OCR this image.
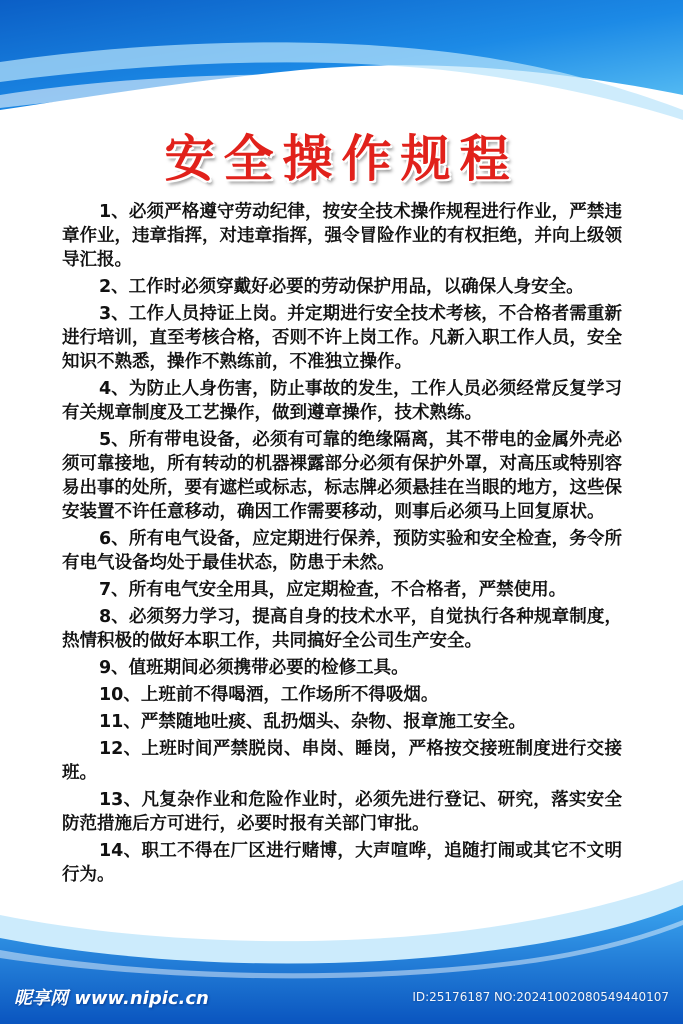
安全操作规程
1、必须严格遵守劳动纪律，按安全技术操作规程进行作业，严禁违章作业，违章指挥，对违章指挥，强令冒险作业的有权拒绝，并向上级领导汇报。
2、工作时必须穿戴好必要的劳动保护用品，以确保人身安全。
3、工作人员持证上岗。并定期进行安全技术考核，不合格者需重新进行培训，直至考核合格，否则不许上岗工作。凡新入职工作人员，安全知识不熟悉，操作不熟练前，不准独立操作。
4、为防止人身伤害，防止事故的发生，工作人员必须经常反复学习有关规章制度及工艺操作，做到遵章操作，技术熟练。
5、所有带电设备，必须有可靠的绝缘隔离，其不带电的金属外壳必须可靠接地，所有转动的机器裸露部分必须有保护外罩，对高压或特别容易出事的处所，要有遮栏或标志，标志牌必须悬挂在当眼的地方，这些保安装置不许任意移动，确因工作需要移动，则事后必须马上回复原状。
6、所有电气设备，应定期进行保养，预防实验和安全检查，务令所有电气设备均处于最佳状态，防患于未然。
7、所有电气安全用具，应定期检查，不合格者，严禁使用。
8、必须努力学习，提高自身的技术水平，自觉执行各种规章制度，热情积极的做好本职工作，共同搞好全公司生产安全。
9、值班期间必须携带必要的检修工具。
10、上班前不得喝酒，工作场所不得吸烟。
11、严禁随地吐痰、乱扔烟头、杂物、报章施工安全。
12、上班时间严禁脱岗、串岗、睡岗，严格按交接班制度进行交接班。
13、凡复杂作业和危险作业时，必须先进行登记、研究，落实安全防范措施后方可进行，必要时报有关部门审批。
14、职工不得在厂区进行赌博，大声喧哗，追随打闹或其它不文明行为。
昵享网 www.nipic.cn	ID:25176187 NO:20241002080549440107
